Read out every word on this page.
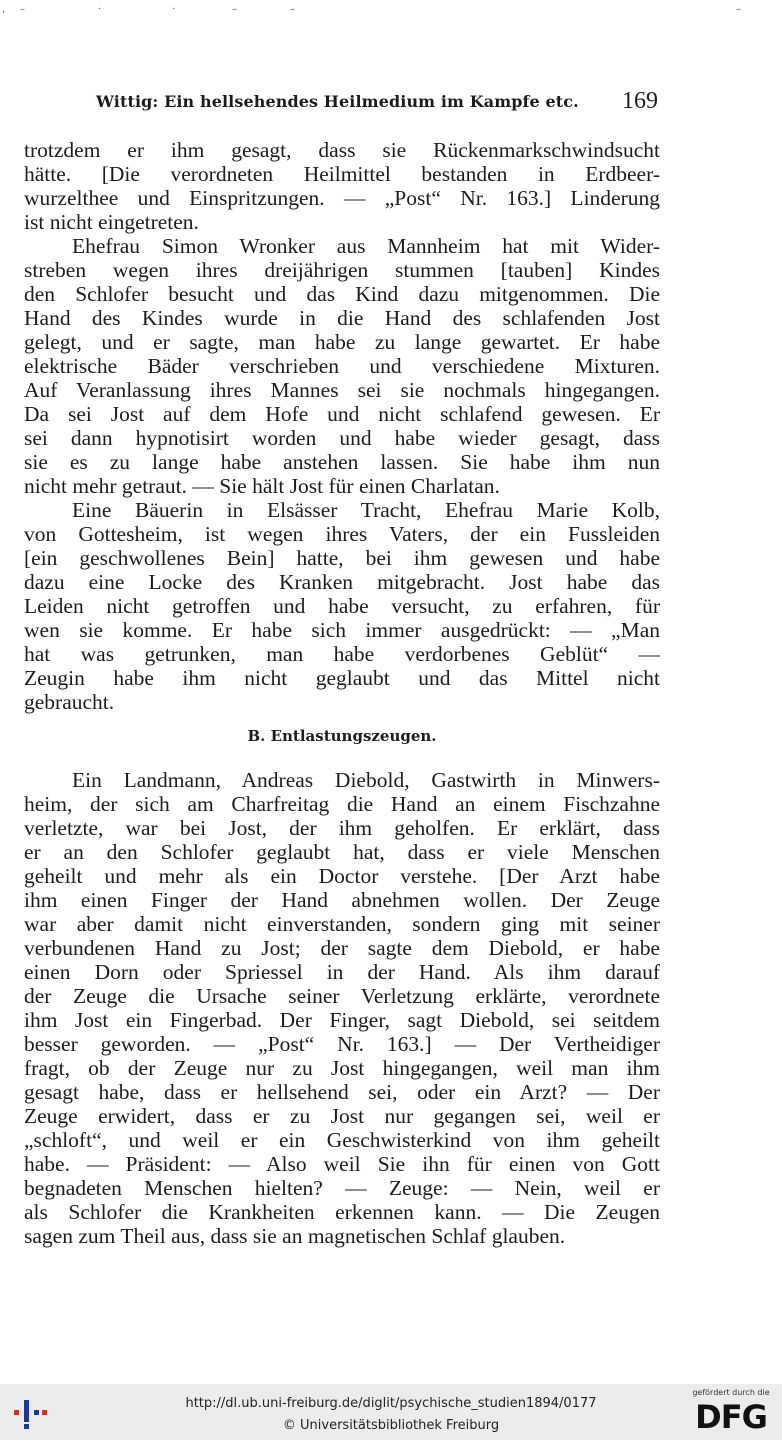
, –	·	·	–	–	–
Wittig: Ein hellsehendes Heilmedium im Kampfe etc. 169
trotzdem er ihm gesagt, dass sie Rückenmarkschwindsucht
hätte. [Die verordneten Heilmittel bestanden in Erdbeer-
wurzelthee und Einspritzungen. — „Post“ Nr. 163.] Linderung
ist nicht eingetreten.
Ehefrau Simon Wronker aus Mannheim hat mit Wider-
streben wegen ihres dreijährigen stummen [tauben] Kindes
den Schlofer besucht und das Kind dazu mitgenommen. Die
Hand des Kindes wurde in die Hand des schlafenden Jost
gelegt, und er sagte, man habe zu lange gewartet. Er habe
elektrische Bäder verschrieben und verschiedene Mixturen.
Auf Veranlassung ihres Mannes sei sie nochmals hingegangen.
Da sei Jost auf dem Hofe und nicht schlafend gewesen. Er
sei dann hypnotisirt worden und habe wieder gesagt, dass
sie es zu lange habe anstehen lassen. Sie habe ihm nun
nicht mehr getraut. — Sie hält Jost für einen Charlatan.
Eine Bäuerin in Elsässer Tracht, Ehefrau Marie Kolb,
von Gottesheim, ist wegen ihres Vaters, der ein Fussleiden
[ein geschwollenes Bein] hatte, bei ihm gewesen und habe
dazu eine Locke des Kranken mitgebracht. Jost habe das
Leiden nicht getroffen und habe versucht, zu erfahren, für
wen sie komme. Er habe sich immer ausgedrückt: — „Man
hat was getrunken, man habe verdorbenes Geblüt“ —
Zeugin habe ihm nicht geglaubt und das Mittel nicht
gebraucht.
B. Entlastungszeugen.
Ein Landmann, Andreas Diebold, Gastwirth in Minwers-
heim, der sich am Charfreitag die Hand an einem Fischzahne
verletzte, war bei Jost, der ihm geholfen. Er erklärt, dass
er an den Schlofer geglaubt hat, dass er viele Menschen
geheilt und mehr als ein Doctor verstehe. [Der Arzt habe
ihm einen Finger der Hand abnehmen wollen. Der Zeuge
war aber damit nicht einverstanden, sondern ging mit seiner
verbundenen Hand zu Jost; der sagte dem Diebold, er habe
einen Dorn oder Spriessel in der Hand. Als ihm darauf
der Zeuge die Ursache seiner Verletzung erklärte, verordnete
ihm Jost ein Fingerbad. Der Finger, sagt Diebold, sei seitdem
besser geworden. — „Post“ Nr. 163.] — Der Vertheidiger
fragt, ob der Zeuge nur zu Jost hingegangen, weil man ihm
gesagt habe, dass er hellsehend sei, oder ein Arzt? — Der
Zeuge erwidert, dass er zu Jost nur gegangen sei, weil er
„schloft“, und weil er ein Geschwisterkind von ihm geheilt
habe. — Präsident: — Also weil Sie ihn für einen von Gott
begnadeten Menschen hielten? — Zeuge: — Nein, weil er
als Schlofer die Krankheiten erkennen kann. — Die Zeugen
sagen zum Theil aus, dass sie an magnetischen Schlaf glauben.
http://dl.ub.uni-freiburg.de/diglit/psychische_studien1894/0177
© Universitätsbibliothek Freiburg
gefördert durch die
DFG
